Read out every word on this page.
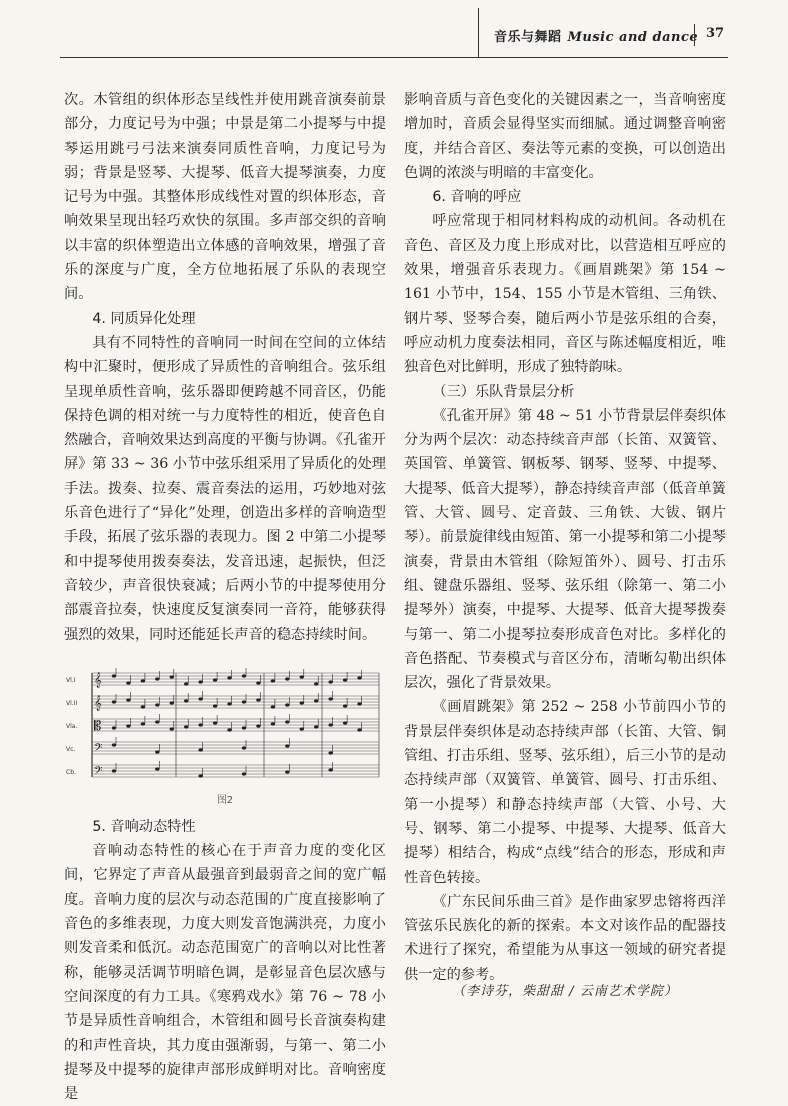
音乐与舞蹈 Music and dance 37

次。木管组的织体形态呈线性并使用跳音演奏前景部分，力度记号为中强；中景是第二小提琴与中提琴运用跳弓弓法来演奏同质性音响，力度记号为弱；背景是竖琴、大提琴、低音大提琴演奏，力度记号为中强。其整体形成线性对置的织体形态，音响效果呈现出轻巧欢快的氛围。多声部交织的音响以丰富的织体塑造出立体感的音响效果，增强了音乐的深度与广度，全方位地拓展了乐队的表现空间。

4. 同质异化处理

具有不同特性的音响同一时间在空间的立体结构中汇聚时，便形成了异质性的音响组合。弦乐组呈现单质性音响，弦乐器即便跨越不同音区，仍能保持色调的相对统一与力度特性的相近，使音色自然融合，音响效果达到高度的平衡与协调。《孔雀开屏》第 33 ~ 36 小节中弦乐组采用了异质化的处理手法。拨奏、拉奏、震音奏法的运用，巧妙地对弦乐音色进行了“异化”处理，创造出多样的音响造型手段，拓展了弦乐器的表现力。图 2 中第二小提琴和中提琴使用拨奏奏法，发音迅速，起振快，但泛音较少，声音很快衰减；后两小节的中提琴使用分部震音拉奏，快速度反复演奏同一音符，能够获得强烈的效果，同时还能延长声音的稳态持续时间。

Vl.I 𝄞
Vl.II 𝄞
Vla. 𝄡
Vc. 𝄢
Cb. 𝄢
图2
5. 音响动态特性

音响动态特性的核心在于声音力度的变化区间，它界定了声音从最强音到最弱音之间的宽广幅度。音响力度的层次与动态范围的广度直接影响了音色的多维表现，力度大则发音饱满洪亮，力度小则发音柔和低沉。动态范围宽广的音响以对比性著称，能够灵活调节明暗色调，是彰显音色层次感与空间深度的有力工具。《寒鸦戏水》第 76 ~ 78 小节是异质性音响组合，木管组和圆号长音演奏构建的和声性音块，其力度由强渐弱，与第一、第二小提琴及中提琴的旋律声部形成鲜明对比。音响密度是

影响音质与音色变化的关键因素之一，当音响密度增加时，音质会显得坚实而细腻。通过调整音响密度，并结合音区、奏法等元素的变换，可以创造出色调的浓淡与明暗的丰富变化。

6. 音响的呼应

呼应常现于相同材料构成的动机间。各动机在音色、音区及力度上形成对比，以营造相互呼应的效果，增强音乐表现力。《画眉跳架》第 154 ~ 161 小节中，154、155 小节是木管组、三角铁、钢片琴、竖琴合奏，随后两小节是弦乐组的合奏，呼应动机力度奏法相同，音区与陈述幅度相近，唯独音色对比鲜明，形成了独特韵味。

（三）乐队背景层分析

《孔雀开屏》第 48 ~ 51 小节背景层伴奏织体分为两个层次：动态持续音声部（长笛、双簧管、英国管、单簧管、钢板琴、钢琴、竖琴、中提琴、大提琴、低音大提琴），静态持续音声部（低音单簧管、大管、圆号、定音鼓、三角铁、大钹、钢片琴）。前景旋律线由短笛、第一小提琴和第二小提琴演奏，背景由木管组（除短笛外）、圆号、打击乐组、键盘乐器组、竖琴、弦乐组（除第一、第二小提琴外）演奏，中提琴、大提琴、低音大提琴拨奏与第一、第二小提琴拉奏形成音色对比。多样化的音色搭配、节奏模式与音区分布，清晰勾勒出织体层次，强化了背景效果。

《画眉跳架》第 252 ~ 258 小节前四小节的背景层伴奏织体是动态持续声部（长笛、大管、铜管组、打击乐组、竖琴、弦乐组），后三小节的是动态持续声部（双簧管、单簧管、圆号、打击乐组、第一小提琴）和静态持续声部（大管、小号、大号、钢琴、第二小提琴、中提琴、大提琴、低音大提琴）相结合，构成“点线”结合的形态，形成和声性音色转接。

《广东民间乐曲三首》是作曲家罗忠镕将西洋管弦乐民族化的新的探索。本文对该作品的配器技术进行了探究，希望能为从事这一领域的研究者提供一定的参考。

（李诗芬，柴甜甜 / 云南艺术学院）
